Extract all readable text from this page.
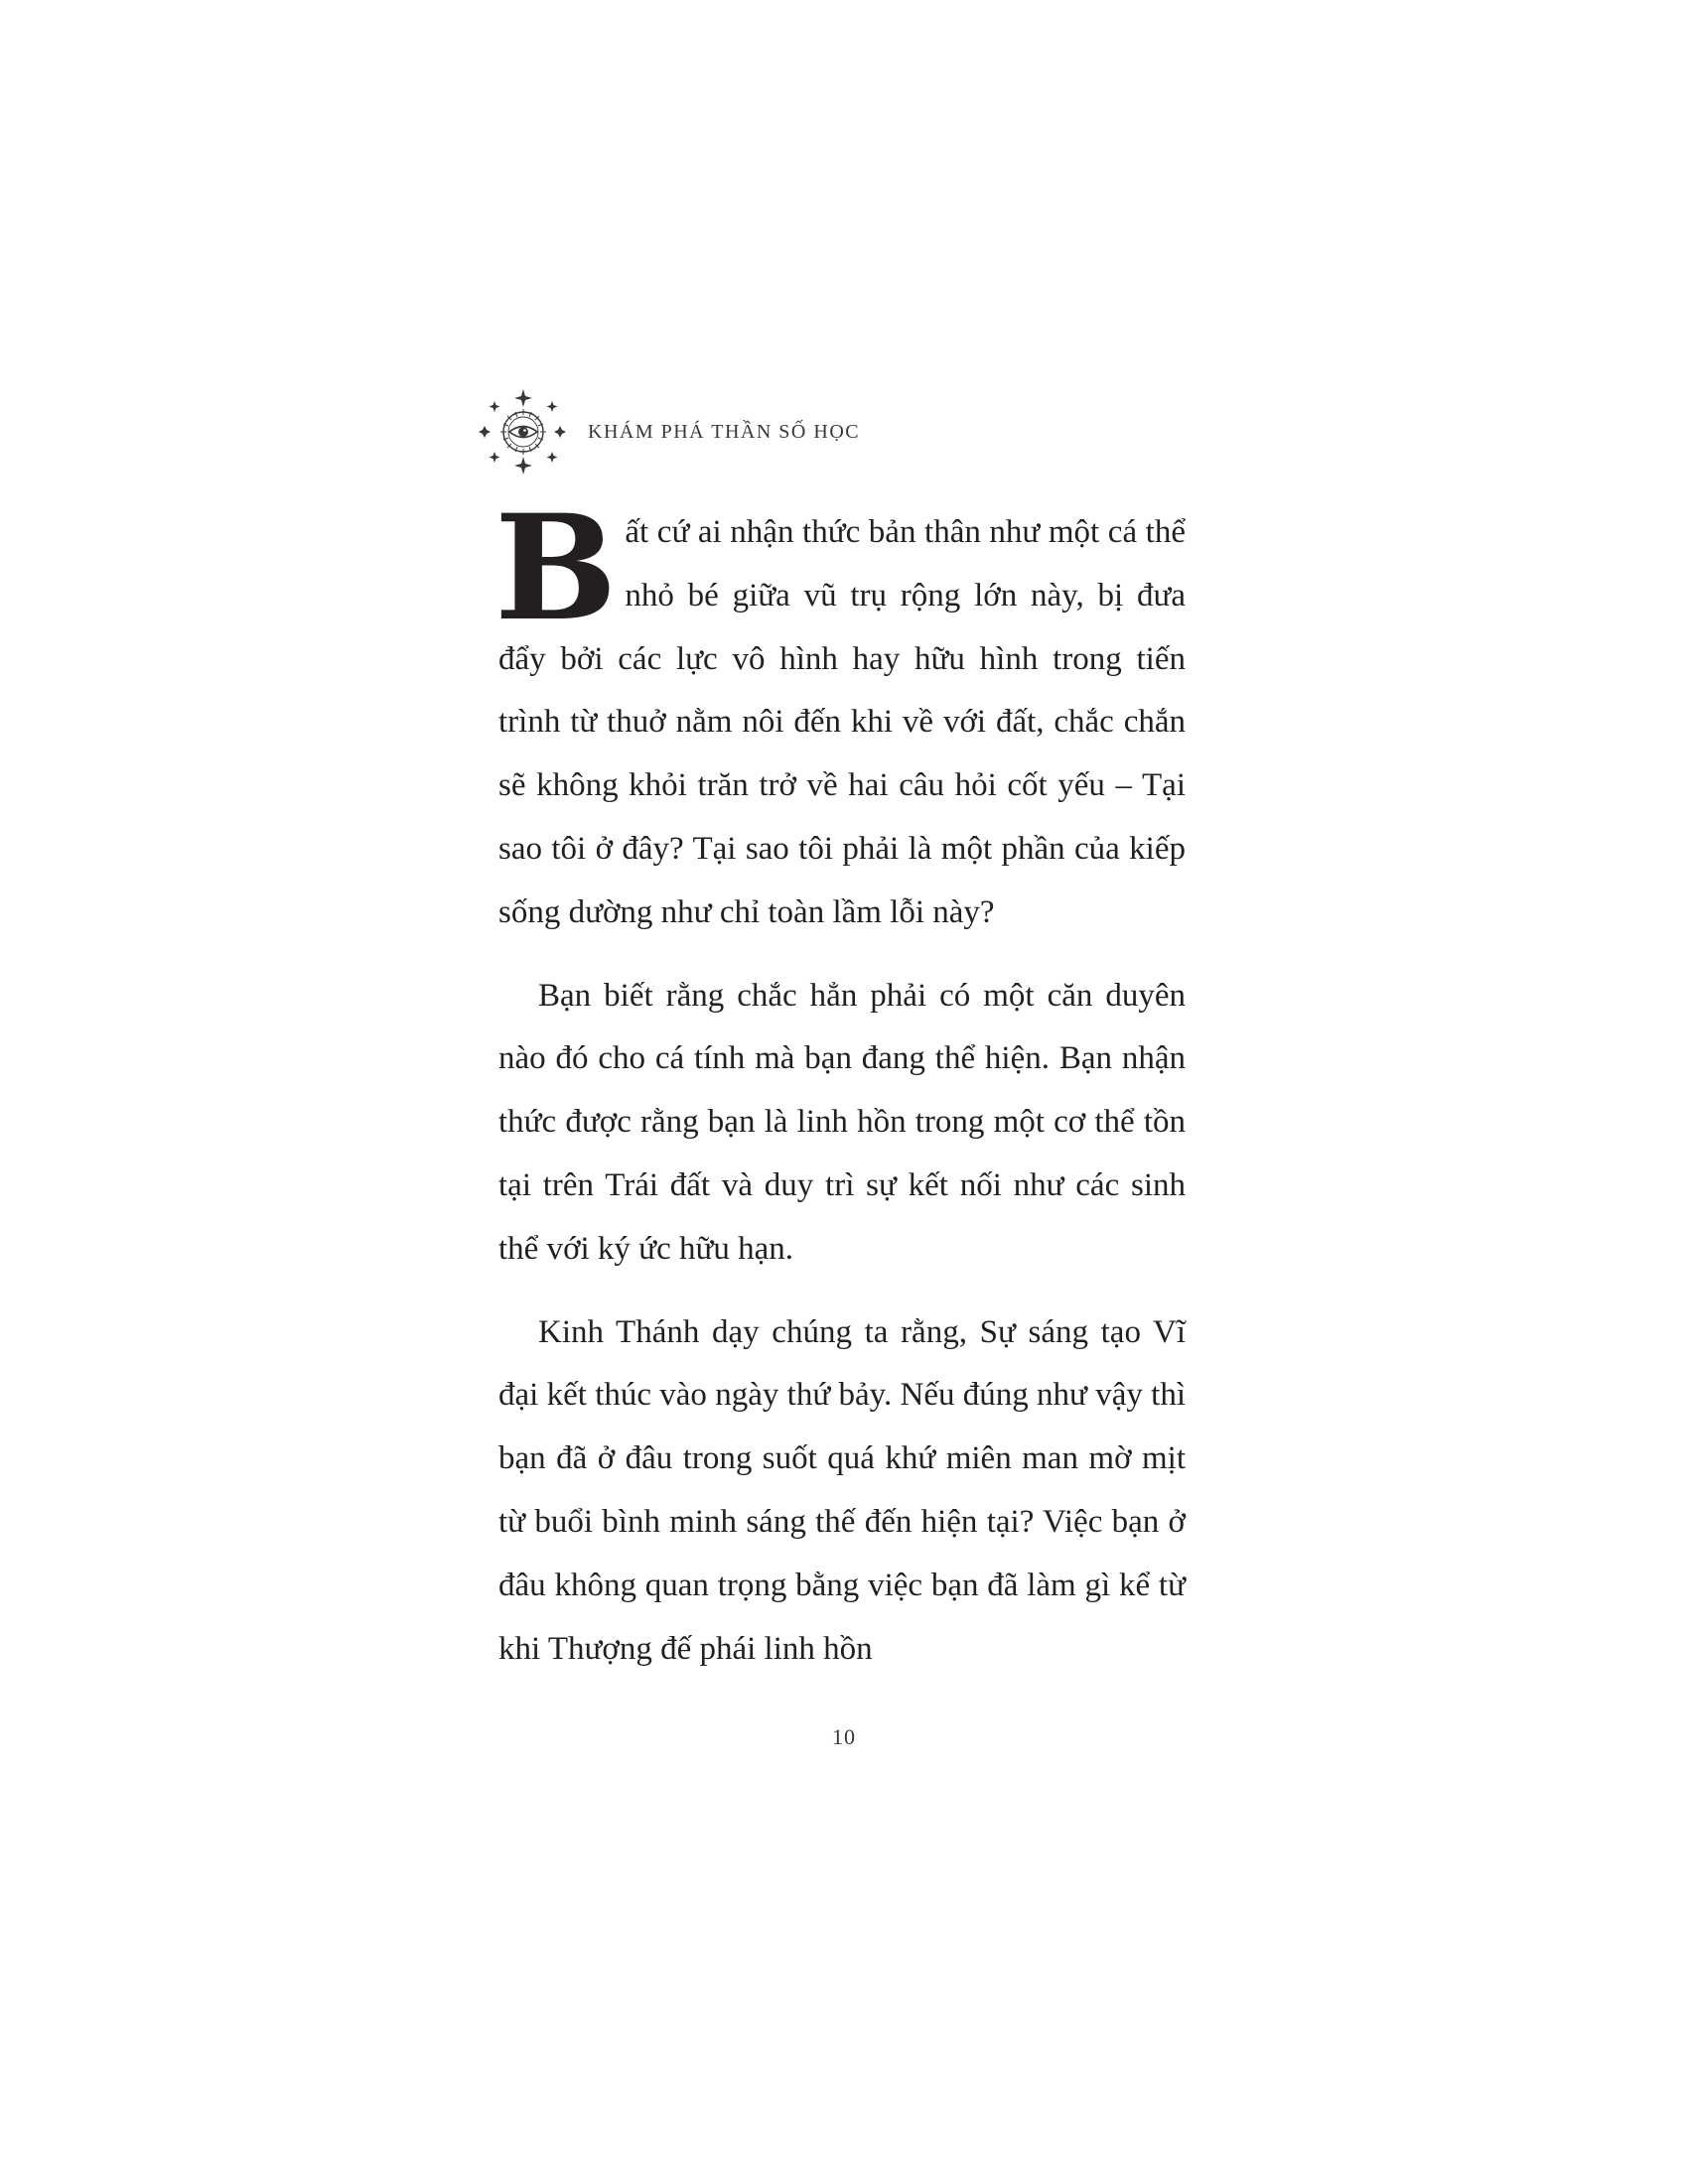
KHÁM PHÁ THẦN SỐ HỌC

Bất cứ ai nhận thức bản thân như một cá thể nhỏ bé giữa vũ trụ rộng lớn này, bị đưa đẩy bởi các lực vô hình hay hữu hình trong tiến trình từ thuở nằm nôi đến khi về với đất, chắc chắn sẽ không khỏi trăn trở về hai câu hỏi cốt yếu – Tại sao tôi ở đây? Tại sao tôi phải là một phần của kiếp sống dường như chỉ toàn lầm lỗi này?

Bạn biết rằng chắc hẳn phải có một căn duyên nào đó cho cá tính mà bạn đang thể hiện. Bạn nhận thức được rằng bạn là linh hồn trong một cơ thể tồn tại trên Trái đất và duy trì sự kết nối như các sinh thể với ký ức hữu hạn.

Kinh Thánh dạy chúng ta rằng, Sự sáng tạo Vĩ đại kết thúc vào ngày thứ bảy. Nếu đúng như vậy thì bạn đã ở đâu trong suốt quá khứ miên man mờ mịt từ buổi bình minh sáng thế đến hiện tại? Việc bạn ở đâu không quan trọng bằng việc bạn đã làm gì kể từ khi Thượng đế phái linh hồn

10
